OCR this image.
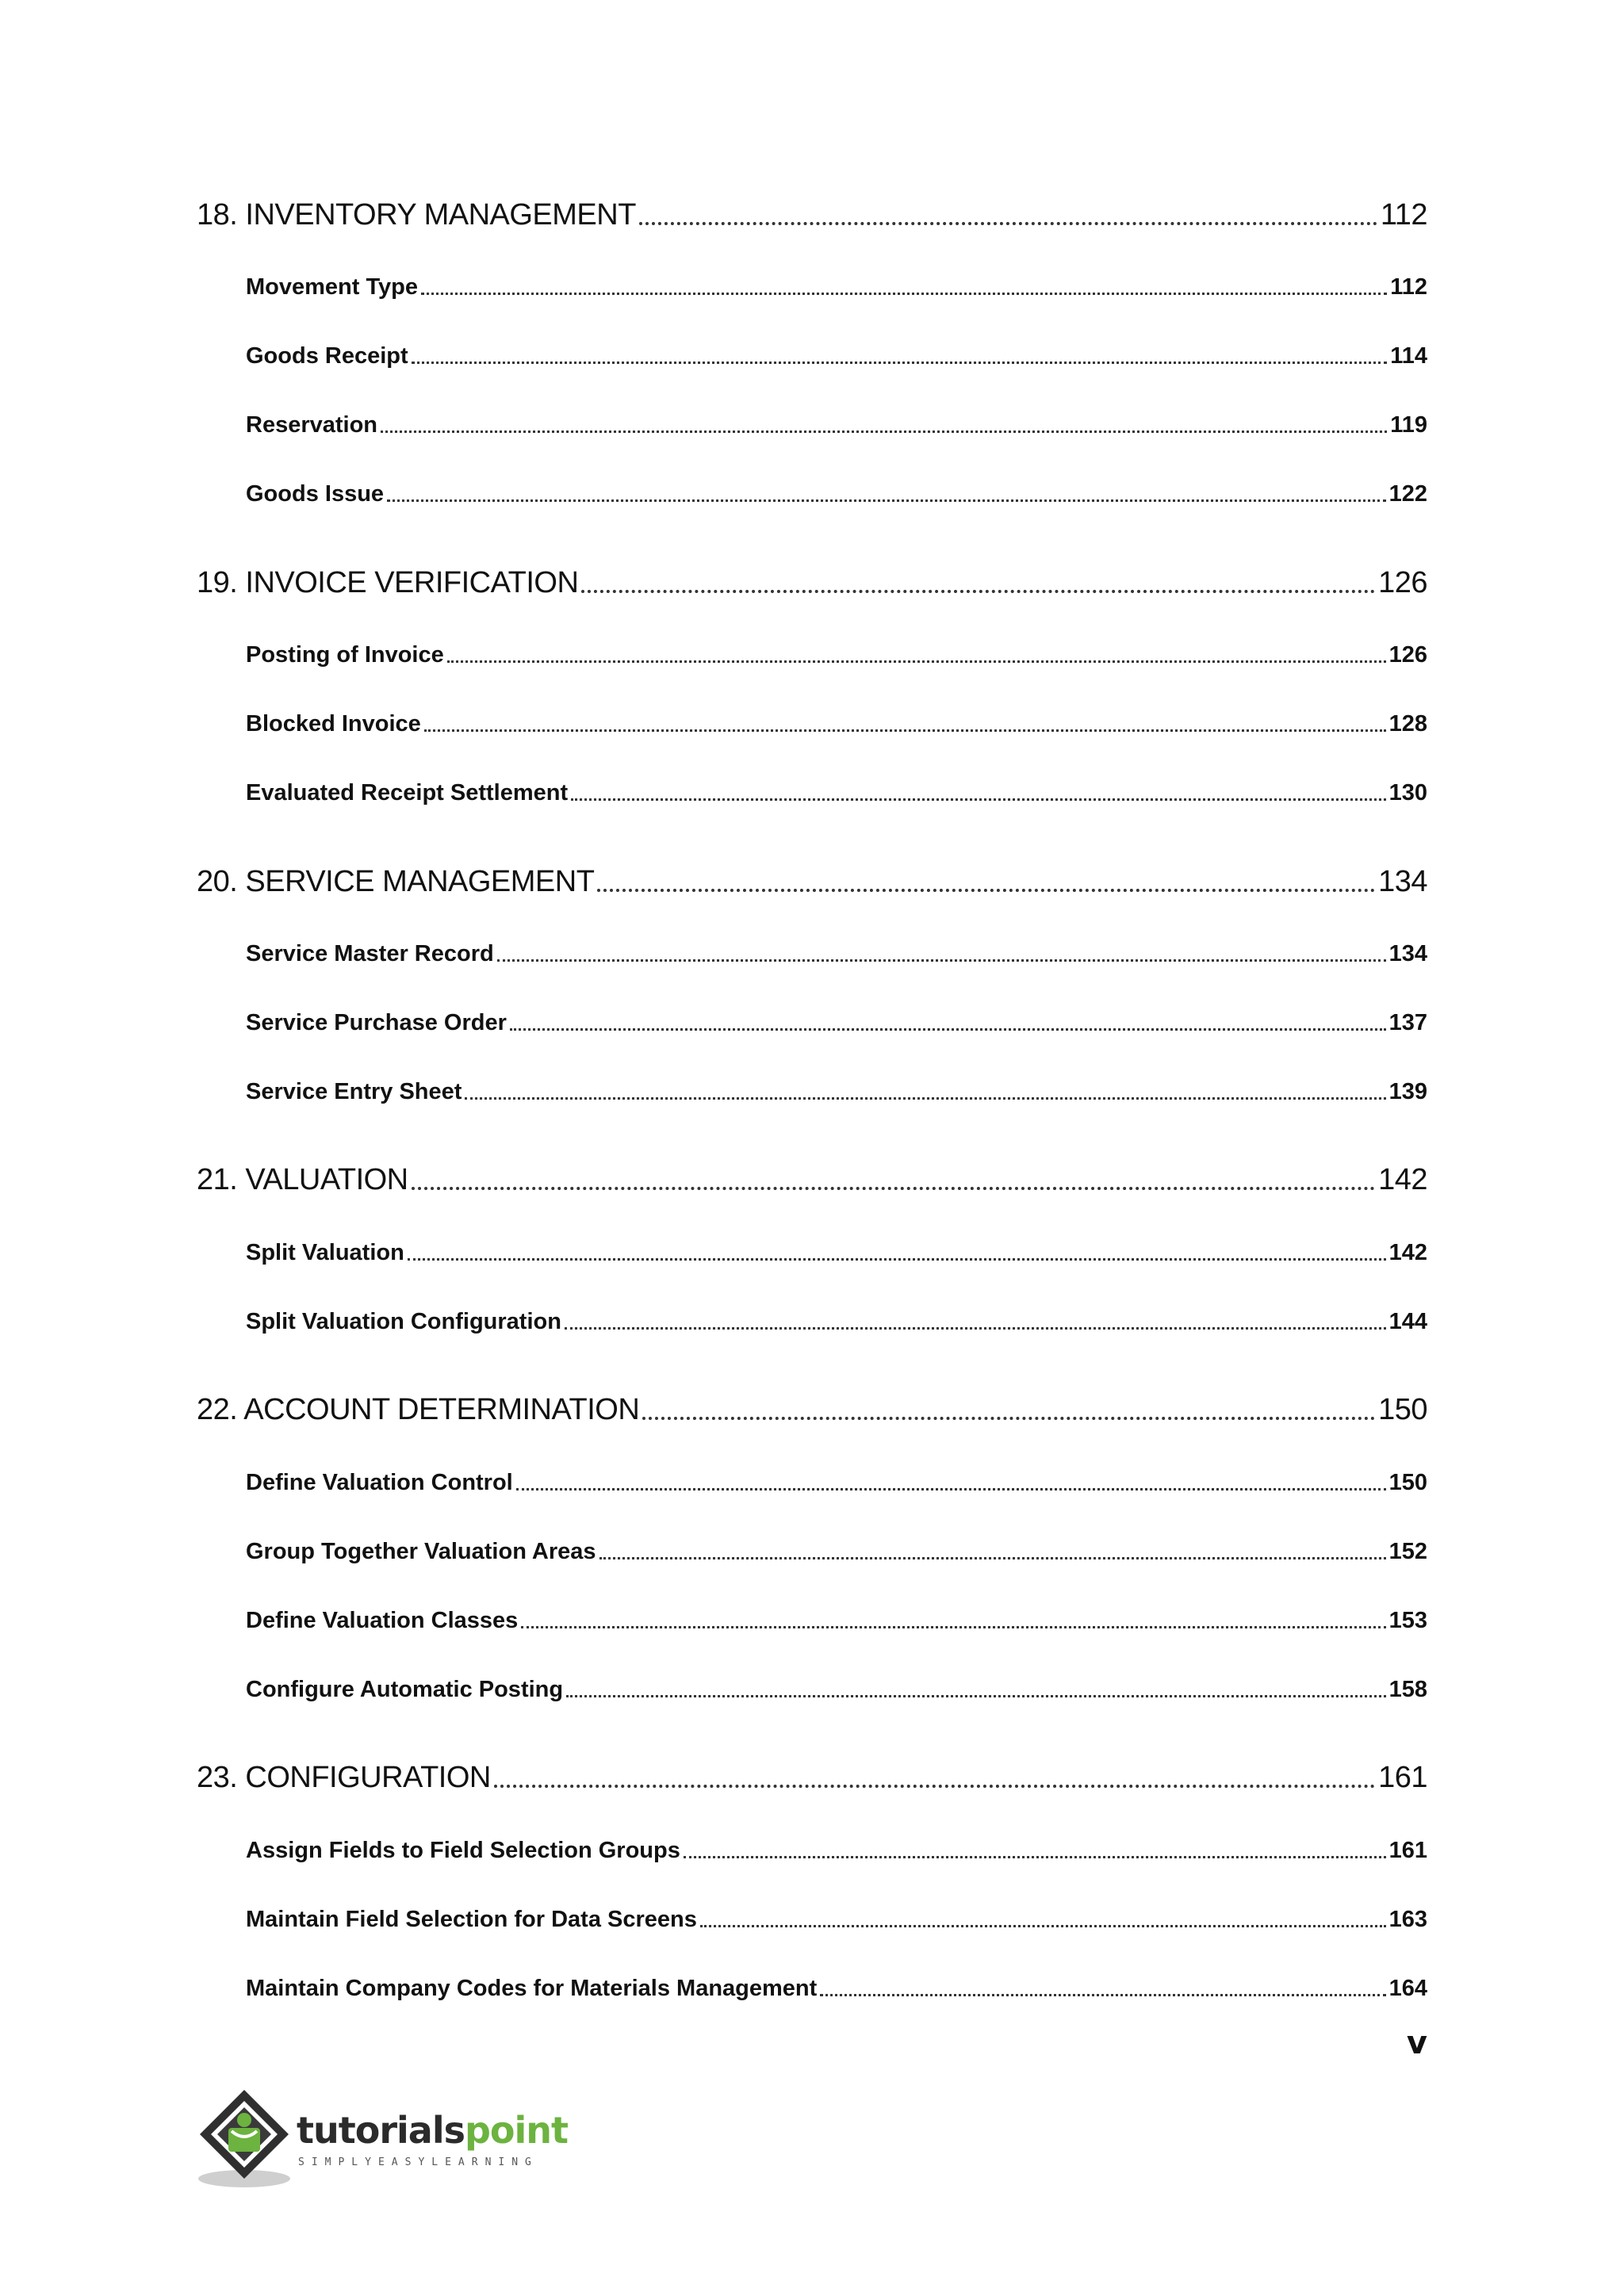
18. INVENTORY MANAGEMENT	112
Movement Type	112
Goods Receipt	114
Reservation	119
Goods Issue	122
19. INVOICE VERIFICATION	126
Posting of Invoice	126
Blocked Invoice	128
Evaluated Receipt Settlement	130
20. SERVICE MANAGEMENT	134
Service Master Record	134
Service Purchase Order	137
Service Entry Sheet	139
21. VALUATION	142
Split Valuation	142
Split Valuation Configuration	144
22. ACCOUNT DETERMINATION	150
Define Valuation Control	150
Group Together Valuation Areas	152
Define Valuation Classes	153
Configure Automatic Posting	158
23. CONFIGURATION	161
Assign Fields to Field Selection Groups	161
Maintain Field Selection for Data Screens	163
Maintain Company Codes for Materials Management	164
v
tutorialspoint
SIMPLYEASYLEARNING
